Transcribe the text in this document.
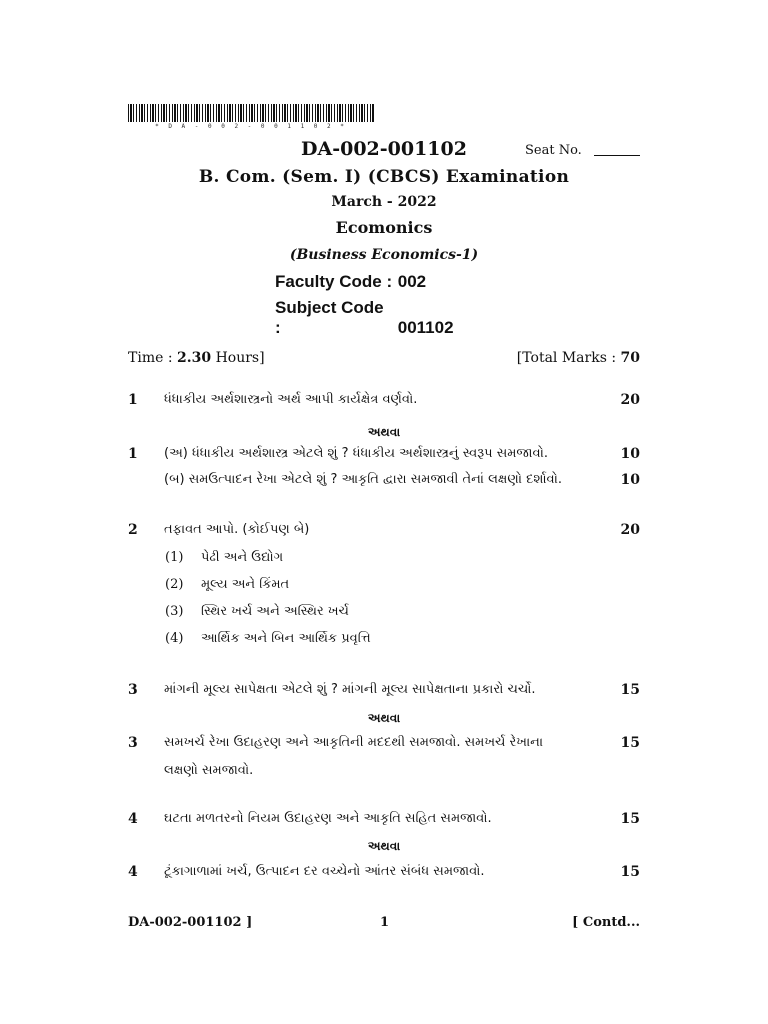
* D A - 0 0 2 - 0 0 1 1 0 2 *
DA-002-001102	Seat No.
B. Com. (Sem. I) (CBCS) Examination
March - 2022
Ecomonics
(Business Economics-1)
Faculty Code : 002
Subject Code :	001102
Time : 2.30 Hours]	[Total Marks : 70
1 ધંધાકીય અર્થશાસ્ત્રનો અર્થ આપી કાર્યક્ષેત્ર વર્ણવો.	20
અથવા
1 (અ) ધંધાકીય અર્થશાસ્ત્ર એટલે શું ? ધંધાકીય અર્થશાસ્ત્રનું સ્વરૂપ સમજાવો.	10
(બ) સમઉત્પાદન રેખા એટલે શું ? આકૃતિ દ્વારા સમજાવી તેનાં લક્ષણો દર્શાવો.	10
2 તફાવત આપો. (કોઈપણ બે)	20
(1) પેઢી અને ઉદ્યોગ
(2) મૂલ્ય અને કિંમત
(3) સ્થિર ખર્ચ અને અસ્થિર ખર્ચ
(4) આર્થિક અને બિન આર્થિક પ્રવૃત્તિ
3 માંગની મૂલ્ય સાપેક્ષતા એટલે શું ? માંગની મૂલ્ય સાપેક્ષતાના પ્રકારો ચર્ચો.	15
અથવા
3 સમખર્ચ રેખા ઉદાહરણ અને આકૃતિની મદદથી સમજાવો. સમખર્ચ રેખાના લક્ષણો સમજાવો.
15
4 ઘટતા મળતરનો નિયમ ઉદાહરણ અને આકૃતિ સહિત સમજાવો.	15
અથવા
4 ટૂંકાગાળામાં ખર્ચ, ઉત્પાદન દર વચ્ચેનો આંતર સંબંધ સમજાવો.	15
DA-002-001102 ]	1	[ Contd...
